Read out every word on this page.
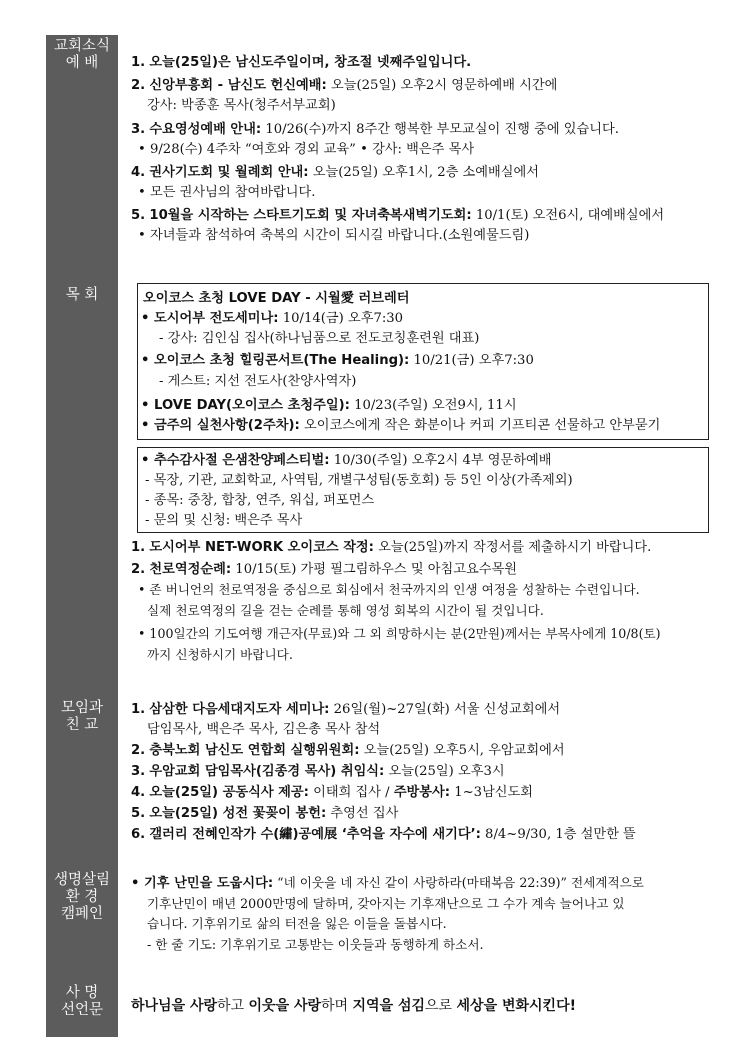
교회소식
예 배
목 회
모임과
친 교
생명살림
환 경
캠페인
사 명
선언문
1. 오늘(25일)은 남신도주일이며, 창조절 넷째주일입니다.
2. 신앙부흥회 - 남신도 헌신예배: 오늘(25일) 오후2시 영문하예배 시간에
강사: 박종훈 목사(청주서부교회)
3. 수요영성예배 안내: 10/26(수)까지 8주간 행복한 부모교실이 진행 중에 있습니다.
• 9/28(수) 4주차 “여호와 경외 교육” • 강사: 백은주 목사
4. 권사기도회 및 월례회 안내: 오늘(25일) 오후1시, 2층 소예배실에서
• 모든 권사님의 참여바랍니다.
5. 10월을 시작하는 스타트기도회 및 자녀축복새벽기도회: 10/1(토) 오전6시, 대예배실에서
• 자녀들과 참석하여 축복의 시간이 되시길 바랍니다.(소원예물드림)
오이코스 초청 LOVE DAY - 시월愛 러브레터
• 도시어부 전도세미나: 10/14(금) 오후7:30
- 강사: 김인심 집사(하나님품으로 전도코칭훈련원 대표)
• 오이코스 초청 힐링콘서트(The Healing): 10/21(금) 오후7:30
- 게스트: 지선 전도사(찬양사역자)
• LOVE DAY(오이코스 초청주일): 10/23(주일) 오전9시, 11시
• 금주의 실천사항(2주차): 오이코스에게 작은 화분이나 커피 기프티콘 선물하고 안부묻기
• 추수감사절 은샘찬양페스티벌: 10/30(주일) 오후2시 4부 영문하예배
- 목장, 기관, 교회학교, 사역팀, 개별구성팀(동호회) 등 5인 이상(가족제외)
- 종목: 중창, 합창, 연주, 워십, 퍼포먼스
- 문의 및 신청: 백은주 목사
1. 도시어부 NET-WORK 오이코스 작정: 오늘(25일)까지 작정서를 제출하시기 바랍니다.
2. 천로역정순례: 10/15(토) 가평 필그림하우스 및 아침고요수목원
• 존 버니언의 천로역정을 중심으로 회심에서 천국까지의 인생 여정을 성찰하는 수련입니다.
실제 천로역정의 길을 걷는 순례를 통해 영성 회복의 시간이 될 것입니다.
• 100일간의 기도여행 개근자(무료)와 그 외 희망하시는 분(2만원)께서는 부목사에게 10/8(토)
까지 신청하시기 바랍니다.
1. 삼삼한 다음세대지도자 세미나: 26일(월)~27일(화) 서울 신성교회에서
담임목사, 백은주 목사, 김은총 목사 참석
2. 충북노회 남신도 연합회 실행위원회: 오늘(25일) 오후5시, 우암교회에서
3. 우암교회 담임목사(김종경 목사) 취임식: 오늘(25일) 오후3시
4. 오늘(25일) 공동식사 제공: 이태희 집사 / 주방봉사: 1~3남신도회
5. 오늘(25일) 성전 꽃꽂이 봉헌: 추영선 집사
6. 갤러리 전혜인작가 수(繡)공예展 ‘추억을 자수에 새기다’: 8/4~9/30, 1층 설만한 뜰
• 기후 난민을 도웁시다: “네 이웃을 네 자신 같이 사랑하라(마태복음 22:39)” 전세계적으로
기후난민이 매년 2000만명에 달하며, 갖아지는 기후재난으로 그 수가 계속 늘어나고 있
습니다. 기후위기로 삶의 터전을 잃은 이들을 돌봅시다.
- 한 줄 기도: 기후위기로 고통받는 이웃들과 동행하게 하소서.
하나님을 사랑하고 이웃을 사랑하며 지역을 섬김으로 세상을 변화시킨다!
